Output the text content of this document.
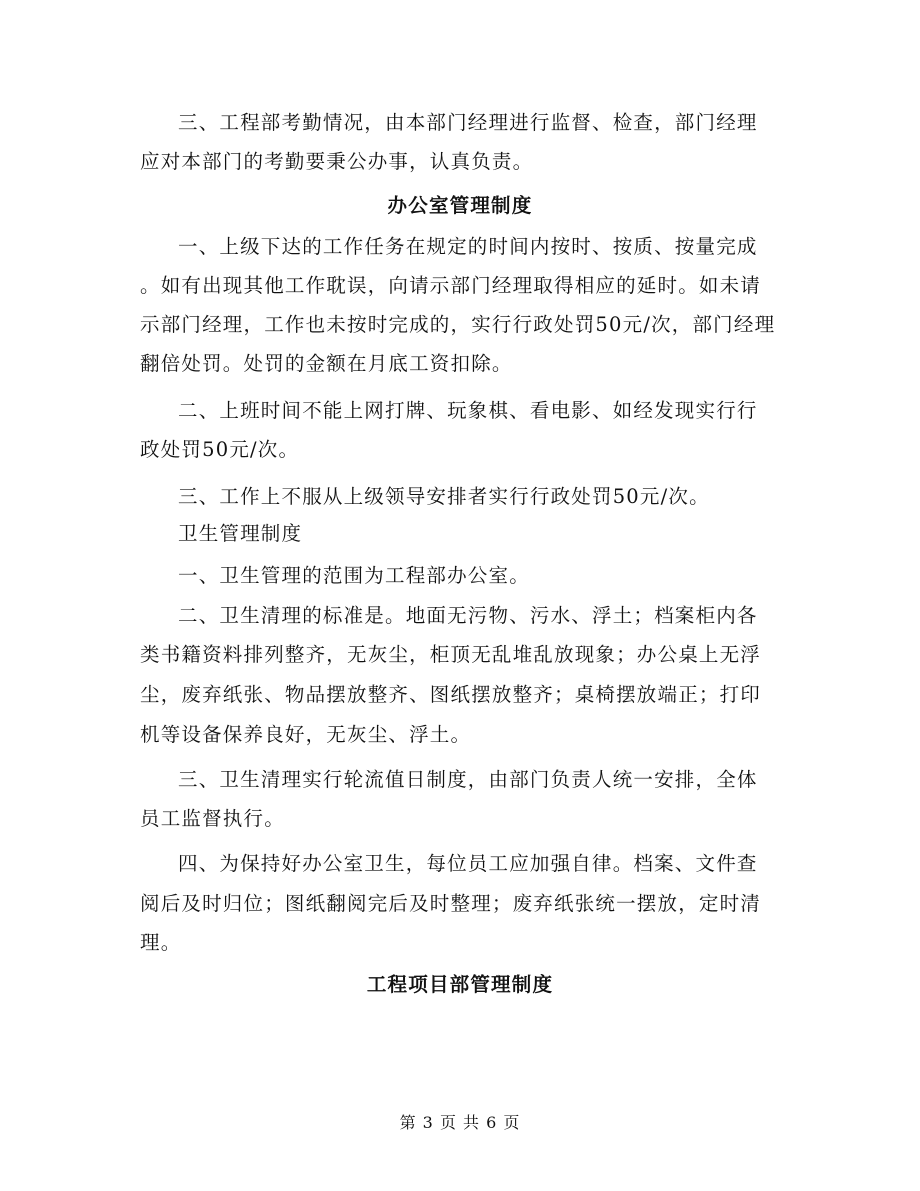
三、工程部考勤情况，由本部门经理进行监督、检查，部门经理
应对本部门的考勤要秉公办事，认真负责。
办公室管理制度
一、上级下达的工作任务在规定的时间内按时、按质、按量完成
。如有出现其他工作耽误，向请示部门经理取得相应的延时。如未请
示部门经理，工作也未按时完成的，实行行政处罚50元/次，部门经理
翻倍处罚。处罚的金额在月底工资扣除。
二、上班时间不能上网打牌、玩象棋、看电影、如经发现实行行
政处罚50元/次。
三、工作上不服从上级领导安排者实行行政处罚50元/次。
卫生管理制度
一、卫生管理的范围为工程部办公室。
二、卫生清理的标准是。地面无污物、污水、浮土；档案柜内各
类书籍资料排列整齐，无灰尘，柜顶无乱堆乱放现象；办公桌上无浮
尘，废弃纸张、物品摆放整齐、图纸摆放整齐；桌椅摆放端正；打印
机等设备保养良好，无灰尘、浮土。
三、卫生清理实行轮流值日制度，由部门负责人统一安排，全体
员工监督执行。
四、为保持好办公室卫生，每位员工应加强自律。档案、文件查
阅后及时归位；图纸翻阅完后及时整理；废弃纸张统一摆放，定时清
理。
工程项目部管理制度
第 3 页 共 6 页
